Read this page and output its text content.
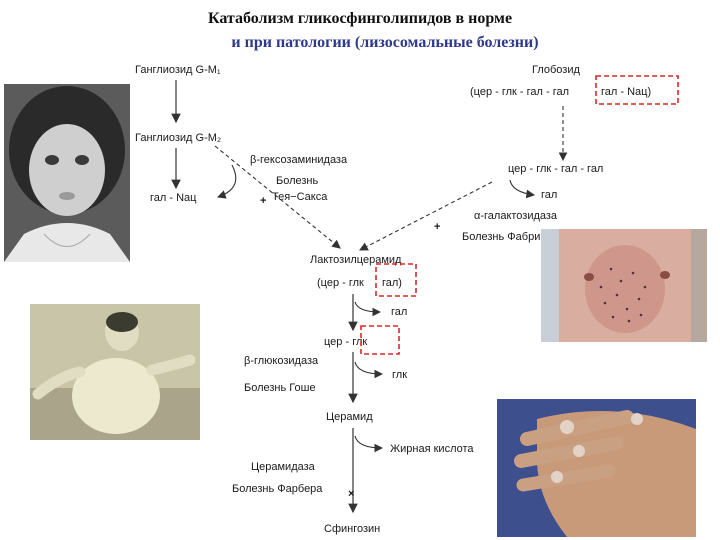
Катаболизм гликосфинголипидов в норме
и при патологии (лизосомальные болезни)
Ганглиозид G-M₁
Ганглиозид G-M₂
гал - Nац
β-гексозаминидаза
Болезнь
Тея−Сакса
+
Глобозид
(цер - глк - гал - гал	гал - Nац)
цер - глк - гал - гал
гал
α-галактозидаза
Болезнь Фабри
+
Лактозилцерамид
(цер - глк гал)
гал
цер - глк
β-глюкозидаза
Болезнь Гоше
глк
Церамид
Жирная кислота
Церамидаза
Болезнь Фарбера ×
Сфингозин
